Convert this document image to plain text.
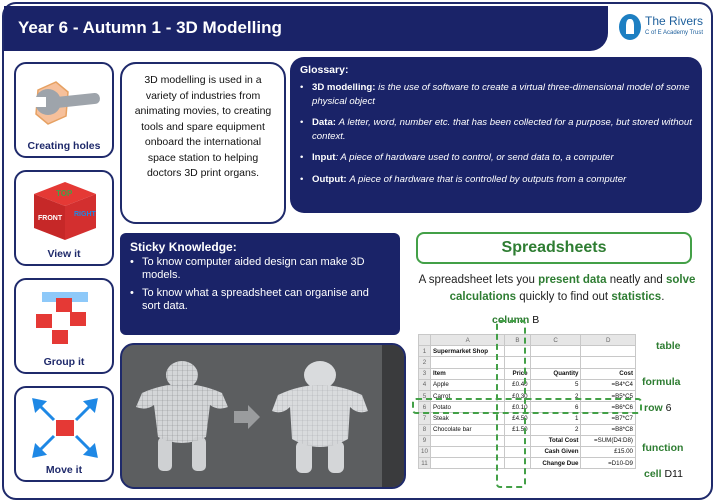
Year 6 - Autumn 1 - 3D Modelling	The Rivers
C of E Academy Trust
Creating holes
TOP
FRONT
RIGHT
View it
Group it
Move it
3D modelling is used in a variety of industries from animating movies, to creating tools and spare equipment onboard the international space station to helping doctors 3D print organs.
Glossary:
• 3D modelling: is the use of software to create a virtual three-dimensional model of some physical object
• Data: A letter, word, number etc. that has been collected for a purpose, but stored without context.
• Input: A piece of hardware used to control, or send data to, a computer
• Output: A piece of hardware that is controlled by outputs from a computer
Sticky Knowledge:
• To know computer aided design can make 3D models.
• To know what a spreadsheet can organise and sort data.
Spreadsheets
A spreadsheet lets you present data neatly and solve calculations quickly to find out statistics.
column B
	A	B	C	D
1	Supermarket Shop			
2				
3	Item	Price	Quantity	Cost
4	Apple	£0.40	5	=B4*C4
5	Carrot	£0.30	2	=B5*C5
6	Potato	£0.10	6	=B6*C6
7	Steak	£4.50	1	=B7*C7
8	Chocolate bar	£1.50	2	=B8*C8
9			Total Cost	=SUM(D4:D8)
10			Cash Given	£15.00
11			Change Due	=D10-D9
table
formula
row 6
function
cell D11
